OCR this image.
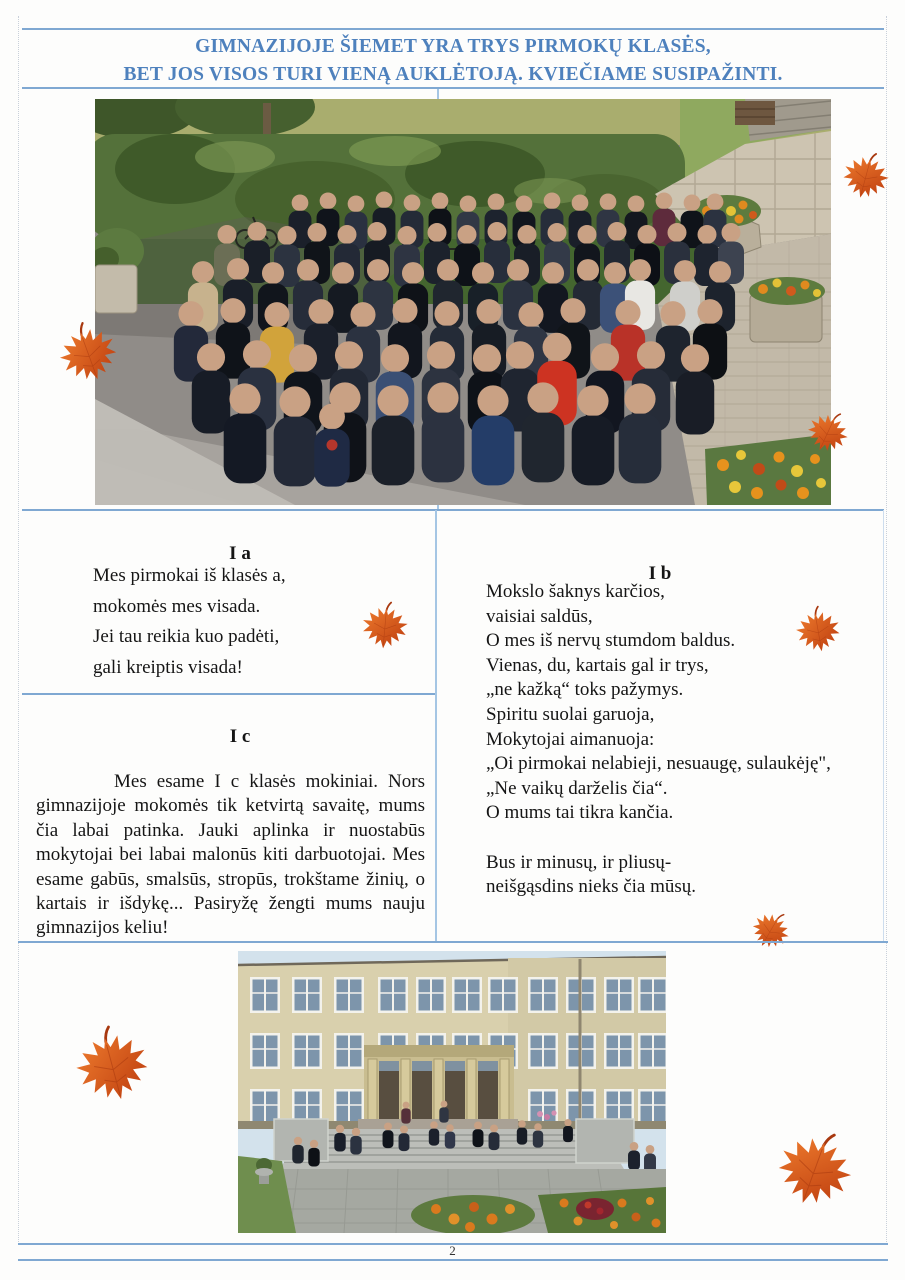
GIMNAZIJOJE ŠIEMET YRA TRYS PIRMOKŲ KLASĖS,
BET JOS VISOS TURI VIENĄ AUKLĖTOJĄ. KVIEČIAME SUSIPAŽINTI.
I a
Mes pirmokai iš klasės a,
mokomės mes visada.
Jei tau reikia kuo padėti,
gali kreiptis visada!
I b
Mokslo šaknys karčios,
vaisiai saldūs,
O mes iš nervų stumdom baldus.
Vienas, du, kartais gal ir trys,
„ne kažką“ toks pažymys.
Spiritu suolai garuoja,
Mokytojai aimanuoja:
„Oi pirmokai nelabieji, nesuaugę, sulaukėję",
„Ne vaikų darželis čia“.
O mums tai tikra kančia.

Bus ir minusų, ir pliusų-
neišgąsdins nieks čia mūsų.
I c

Mes esame I c klasės mokiniai. Nors gimnazijoje mokomės tik ketvirtą savaitę, mums čia labai patinka. Jauki aplinka ir nuostabūs mokytojai bei labai malonūs kiti darbuotojai. Mes esame gabūs, smalsūs, stropūs, trokštame žinių, o kartais ir išdykę... Pasiryžę žengti mums nauju gimnazijos keliu!

2
